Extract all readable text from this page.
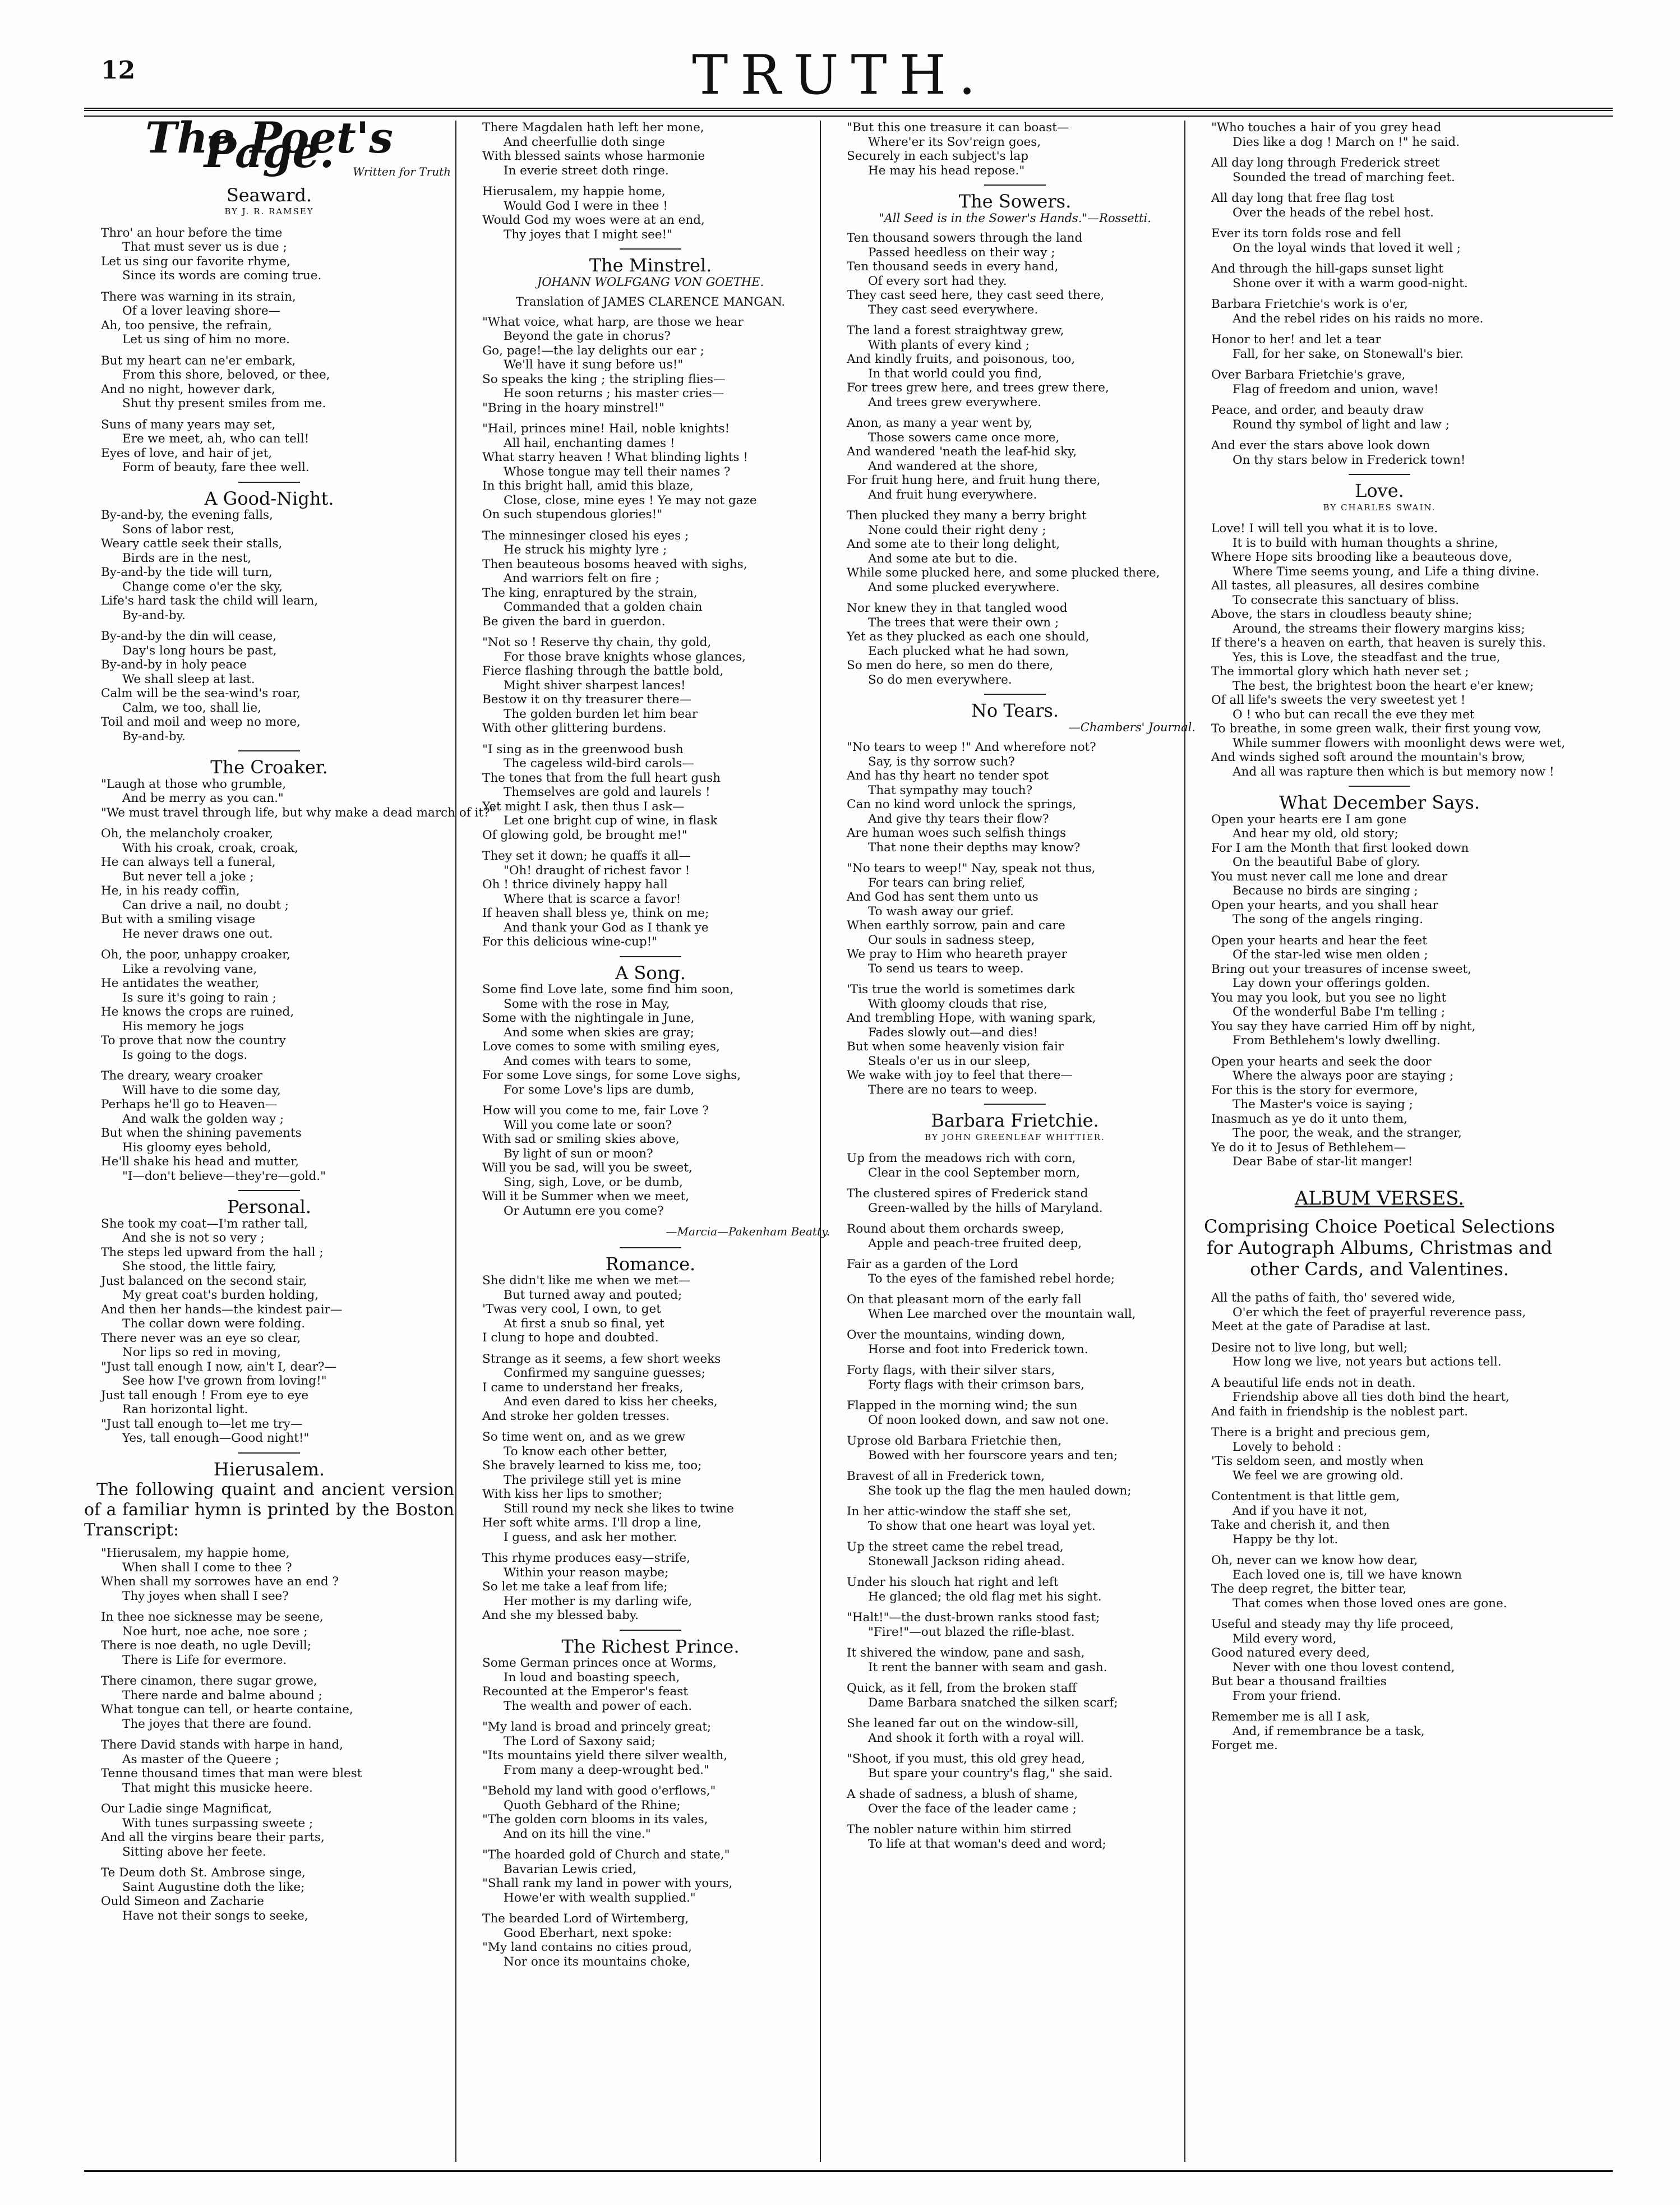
12	TRUTH.
The Poet's Page.	Written for Truth
Seaward.
BY J. R. RAMSEY
Thro' an hour before the time
That must sever us is due ;
Let us sing our favorite rhyme,
Since its words are coming true.
There was warning in its strain,
Of a lover leaving shore—
Ah, too pensive, the refrain,
Let us sing of him no more.
But my heart can ne'er embark,
From this shore, beloved, or thee,
And no night, however dark,
Shut thy present smiles from me.
Suns of many years may set,
Ere we meet, ah, who can tell!
Eyes of love, and hair of jet,
Form of beauty, fare thee well.
A Good-Night.
By-and-by, the evening falls,
Sons of labor rest,
Weary cattle seek their stalls,
Birds are in the nest,
By-and-by the tide will turn,
Change come o'er the sky,
Life's hard task the child will learn,
By-and-by.
By-and-by the din will cease,
Day's long hours be past,
By-and-by in holy peace
We shall sleep at last.
Calm will be the sea-wind's roar,
Calm, we too, shall lie,
Toil and moil and weep no more,
By-and-by.
The Croaker.
"Laugh at those who grumble,
And be merry as you can."
"We must travel through life, but why make a dead march of it?"
Oh, the melancholy croaker,
With his croak, croak, croak,
He can always tell a funeral,
But never tell a joke ;
He, in his ready coffin,
Can drive a nail, no doubt ;
But with a smiling visage
He never draws one out.
Oh, the poor, unhappy croaker,
Like a revolving vane,
He antidates the weather,
Is sure it's going to rain ;
He knows the crops are ruined,
His memory he jogs
To prove that now the country
Is going to the dogs.
The dreary, weary croaker
Will have to die some day,
Perhaps he'll go to Heaven—
And walk the golden way ;
But when the shining pavements
His gloomy eyes behold,
He'll shake his head and mutter,
"I—don't believe—they're—gold."
Personal.
She took my coat—I'm rather tall,
And she is not so very ;
The steps led upward from the hall ;
She stood, the little fairy,
Just balanced on the second stair,
My great coat's burden holding,
And then her hands—the kindest pair—
The collar down were folding.
There never was an eye so clear,
Nor lips so red in moving,
"Just tall enough I now, ain't I, dear?—
See how I've grown from loving!"
Just tall enough ! From eye to eye
Ran horizontal light.
"Just tall enough to—let me try—
Yes, tall enough—Good night!"
Hierusalem.
The following quaint and ancient version of a familiar hymn is printed by the Boston Transcript:
"Hierusalem, my happie home,
When shall I come to thee ?
When shall my sorrowes have an end ?
Thy joyes when shall I see?
In thee noe sicknesse may be seene,
Noe hurt, noe ache, noe sore ;
There is noe death, no ugle Devill;
There is Life for evermore.
There cinamon, there sugar growe,
There narde and balme abound ;
What tongue can tell, or hearte containe,
The joyes that there are found.
There David stands with harpe in hand,
As master of the Queere ;
Tenne thousand times that man were blest
That might this musicke heere.
Our Ladie singe Magnificat,
With tunes surpassing sweete ;
And all the virgins beare their parts,
Sitting above her feete.
Te Deum doth St. Ambrose singe,
Saint Augustine doth the like;
Ould Simeon and Zacharie
Have not their songs to seeke,
There Magdalen hath left her mone,
And cheerfullie doth singe
With blessed saints whose harmonie
In everie street doth ringe.
Hierusalem, my happie home,
Would God I were in thee !
Would God my woes were at an end,
Thy joyes that I might see!"
The Minstrel.
JOHANN WOLFGANG VON GOETHE.
Translation of JAMES CLARENCE MANGAN.
"What voice, what harp, are those we hear
Beyond the gate in chorus?
Go, page!—the lay delights our ear ;
We'll have it sung before us!"
So speaks the king ; the stripling flies—
He soon returns ; his master cries—
"Bring in the hoary minstrel!"
"Hail, princes mine! Hail, noble knights!
All hail, enchanting dames !
What starry heaven ! What blinding lights !
Whose tongue may tell their names ?
In this bright hall, amid this blaze,
Close, close, mine eyes ! Ye may not gaze
On such stupendous glories!"
The minnesinger closed his eyes ;
He struck his mighty lyre ;
Then beauteous bosoms heaved with sighs,
And warriors felt on fire ;
The king, enraptured by the strain,
Commanded that a golden chain
Be given the bard in guerdon.
"Not so ! Reserve thy chain, thy gold,
For those brave knights whose glances,
Fierce flashing through the battle bold,
Might shiver sharpest lances!
Bestow it on thy treasurer there—
The golden burden let him bear
With other glittering burdens.
"I sing as in the greenwood bush
The cageless wild-bird carols—
The tones that from the full heart gush
Themselves are gold and laurels !
Yet might I ask, then thus I ask—
Let one bright cup of wine, in flask
Of glowing gold, be brought me!"
They set it down; he quaffs it all—
"Oh! draught of richest favor !
Oh ! thrice divinely happy hall
Where that is scarce a favor!
If heaven shall bless ye, think on me;
And thank your God as I thank ye
For this delicious wine-cup!"
A Song.
Some find Love late, some find him soon,
Some with the rose in May,
Some with the nightingale in June,
And some when skies are gray;
Love comes to some with smiling eyes,
And comes with tears to some,
For some Love sings, for some Love sighs,
For some Love's lips are dumb,
How will you come to me, fair Love ?
Will you come late or soon?
With sad or smiling skies above,
By light of sun or moon?
Will you be sad, will you be sweet,
Sing, sigh, Love, or be dumb,
Will it be Summer when we meet,
Or Autumn ere you come?
—Marcia—Pakenham Beatty.
Romance.
She didn't like me when we met—
But turned away and pouted;
'Twas very cool, I own, to get
At first a snub so final, yet
I clung to hope and doubted.
Strange as it seems, a few short weeks
Confirmed my sanguine guesses;
I came to understand her freaks,
And even dared to kiss her cheeks,
And stroke her golden tresses.
So time went on, and as we grew
To know each other better,
She bravely learned to kiss me, too;
The privilege still yet is mine
With kiss her lips to smother;
Still round my neck she likes to twine
Her soft white arms. I'll drop a line,
I guess, and ask her mother.
This rhyme produces easy—strife,
Within your reason maybe;
So let me take a leaf from life;
Her mother is my darling wife,
And she my blessed baby.
The Richest Prince.
Some German princes once at Worms,
In loud and boasting speech,
Recounted at the Emperor's feast
The wealth and power of each.
"My land is broad and princely great;
The Lord of Saxony said;
"Its mountains yield there silver wealth,
From many a deep-wrought bed."
"Behold my land with good o'erflows,"
Quoth Gebhard of the Rhine;
"The golden corn blooms in its vales,
And on its hill the vine."
"The hoarded gold of Church and state,"
Bavarian Lewis cried,
"Shall rank my land in power with yours,
Howe'er with wealth supplied."
The bearded Lord of Wirtemberg,
Good Eberhart, next spoke:
"My land contains no cities proud,
Nor once its mountains choke,
"But this one treasure it can boast—
Where'er its Sov'reign goes,
Securely in each subject's lap
He may his head repose."
The Sowers.
"All Seed is in the Sower's Hands."—Rossetti.
Ten thousand sowers through the land
Passed heedless on their way ;
Ten thousand seeds in every hand,
Of every sort had they.
They cast seed here, they cast seed there,
They cast seed everywhere.
The land a forest straightway grew,
With plants of every kind ;
And kindly fruits, and poisonous, too,
In that world could you find,
For trees grew here, and trees grew there,
And trees grew everywhere.
Anon, as many a year went by,
Those sowers came once more,
And wandered 'neath the leaf-hid sky,
And wandered at the shore,
For fruit hung here, and fruit hung there,
And fruit hung everywhere.
Then plucked they many a berry bright
None could their right deny ;
And some ate to their long delight,
And some ate but to die.
While some plucked here, and some plucked there,
And some plucked everywhere.
Nor knew they in that tangled wood
The trees that were their own ;
Yet as they plucked as each one should,
Each plucked what he had sown,
So men do here, so men do there,
So do men everywhere.
No Tears.
—Chambers' Journal.
"No tears to weep !" And wherefore not?
Say, is thy sorrow such?
And has thy heart no tender spot
That sympathy may touch?
Can no kind word unlock the springs,
And give thy tears their flow?
Are human woes such selfish things
That none their depths may know?
"No tears to weep!" Nay, speak not thus,
For tears can bring relief,
And God has sent them unto us
To wash away our grief.
When earthly sorrow, pain and care
Our souls in sadness steep,
We pray to Him who heareth prayer
To send us tears to weep.
'Tis true the world is sometimes dark
With gloomy clouds that rise,
And trembling Hope, with waning spark,
Fades slowly out—and dies!
But when some heavenly vision fair
Steals o'er us in our sleep,
We wake with joy to feel that there—
There are no tears to weep.
Barbara Frietchie.
BY JOHN GREENLEAF WHITTIER.
Up from the meadows rich with corn,
Clear in the cool September morn,
The clustered spires of Frederick stand
Green-walled by the hills of Maryland.
Round about them orchards sweep,
Apple and peach-tree fruited deep,
Fair as a garden of the Lord
To the eyes of the famished rebel horde;
On that pleasant morn of the early fall
When Lee marched over the mountain wall,
Over the mountains, winding down,
Horse and foot into Frederick town.
Forty flags, with their silver stars,
Forty flags with their crimson bars,
Flapped in the morning wind; the sun
Of noon looked down, and saw not one.
Uprose old Barbara Frietchie then,
Bowed with her fourscore years and ten;
Bravest of all in Frederick town,
She took up the flag the men hauled down;
In her attic-window the staff she set,
To show that one heart was loyal yet.
Up the street came the rebel tread,
Stonewall Jackson riding ahead.
Under his slouch hat right and left
He glanced; the old flag met his sight.
"Halt!"—the dust-brown ranks stood fast;
"Fire!"—out blazed the rifle-blast.
It shivered the window, pane and sash,
It rent the banner with seam and gash.
Quick, as it fell, from the broken staff
Dame Barbara snatched the silken scarf;
She leaned far out on the window-sill,
And shook it forth with a royal will.
"Shoot, if you must, this old grey head,
But spare your country's flag," she said.
A shade of sadness, a blush of shame,
Over the face of the leader came ;
The nobler nature within him stirred
To life at that woman's deed and word;
"Who touches a hair of you grey head
Dies like a dog ! March on !" he said.
All day long through Frederick street
Sounded the tread of marching feet.
All day long that free flag tost
Over the heads of the rebel host.
Ever its torn folds rose and fell
On the loyal winds that loved it well ;
And through the hill-gaps sunset light
Shone over it with a warm good-night.
Barbara Frietchie's work is o'er,
And the rebel rides on his raids no more.
Honor to her! and let a tear
Fall, for her sake, on Stonewall's bier.
Over Barbara Frietchie's grave,
Flag of freedom and union, wave!
Peace, and order, and beauty draw
Round thy symbol of light and law ;
And ever the stars above look down
On thy stars below in Frederick town!
Love.
BY CHARLES SWAIN.
Love! I will tell you what it is to love.
It is to build with human thoughts a shrine,
Where Hope sits brooding like a beauteous dove,
Where Time seems young, and Life a thing divine.
All tastes, all pleasures, all desires combine
To consecrate this sanctuary of bliss.
Above, the stars in cloudless beauty shine;
Around, the streams their flowery margins kiss;
If there's a heaven on earth, that heaven is surely this.
Yes, this is Love, the steadfast and the true,
The immortal glory which hath never set ;
The best, the brightest boon the heart e'er knew;
Of all life's sweets the very sweetest yet !
O ! who but can recall the eve they met
To breathe, in some green walk, their first young vow,
While summer flowers with moonlight dews were wet,
And winds sighed soft around the mountain's brow,
And all was rapture then which is but memory now !
What December Says.
Open your hearts ere I am gone
And hear my old, old story;
For I am the Month that first looked down
On the beautiful Babe of glory.
You must never call me lone and drear
Because no birds are singing ;
Open your hearts, and you shall hear
The song of the angels ringing.
Open your hearts and hear the feet
Of the star-led wise men olden ;
Bring out your treasures of incense sweet,
Lay down your offerings golden.
You may you look, but you see no light
Of the wonderful Babe I'm telling ;
You say they have carried Him off by night,
From Bethlehem's lowly dwelling.
Open your hearts and seek the door
Where the always poor are staying ;
For this is the story for evermore,
The Master's voice is saying ;
Inasmuch as ye do it unto them,
The poor, the weak, and the stranger,
Ye do it to Jesus of Bethlehem—
Dear Babe of star-lit manger!
ALBUM VERSES.
Comprising Choice Poetical Selections for Autograph Albums, Christmas and other Cards, and Valentines.
All the paths of faith, tho' severed wide,
O'er which the feet of prayerful reverence pass,
Meet at the gate of Paradise at last.
Desire not to live long, but well;
How long we live, not years but actions tell.
A beautiful life ends not in death.
Friendship above all ties doth bind the heart,
And faith in friendship is the noblest part.
There is a bright and precious gem,
Lovely to behold :
'Tis seldom seen, and mostly when
We feel we are growing old.
Contentment is that little gem,
And if you have it not,
Take and cherish it, and then
Happy be thy lot.
Oh, never can we know how dear,
Each loved one is, till we have known
The deep regret, the bitter tear,
That comes when those loved ones are gone.
Useful and steady may thy life proceed,
Mild every word,
Good natured every deed,
Never with one thou lovest contend,
But bear a thousand frailties
From your friend.
Remember me is all I ask,
And, if remembrance be a task,
Forget me.
